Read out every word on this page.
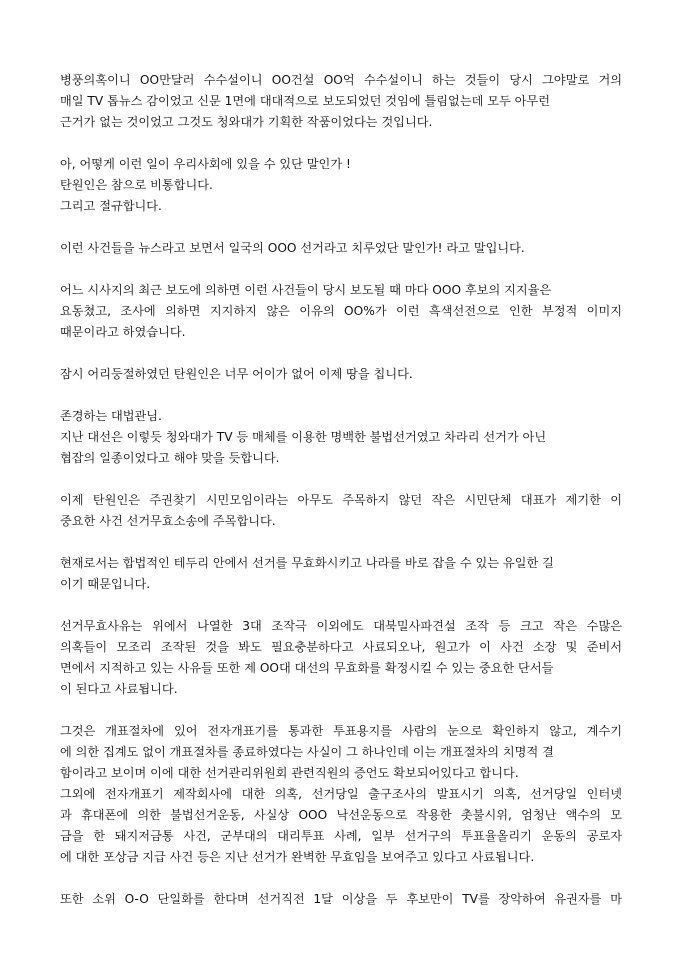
병풍의혹이니 OO만달러 수수설이니 OO건설 OO억 수수설이니 하는 것들이 당시 그야말로 거의
매일 TV 톱뉴스 감이었고 신문 1면에 대대적으로 보도되었던 것임에 틀림없는데 모두 아무런
근거가 없는 것이었고 그것도 청와대가 기획한 작품이었다는 것입니다.
아, 어떻게 이런 일이 우리사회에 있을 수 있단 말인가 !
탄원인은 참으로 비통합니다.
그리고 절규합니다.
이런 사건들을 뉴스라고 보면서 일국의 OOO 선거라고 치루었단 말인가! 라고 말입니다.
어느 시사지의 최근 보도에 의하면 이런 사건들이 당시 보도될 때 마다 OOO 후보의 지지율은
요동쳤고, 조사에 의하면 지지하지 않은 이유의 OO%가 이런 흑색선전으로 인한 부정적 이미지
때문이라고 하였습니다.
잠시 어리둥절하였던 탄원인은 너무 어이가 없어 이제 땅을 칩니다.
존경하는 대법관님.
지난 대선은 이렇듯 청와대가 TV 등 매체를 이용한 명백한 불법선거였고 차라리 선거가 아닌
협잡의 일종이었다고 해야 맞을 듯합니다.
이제 탄원인은 주권찾기 시민모임이라는 아무도 주목하지 않던 작은 시민단체 대표가 제기한 이
중요한 사건 선거무효소송에 주목합니다.
현재로서는 합법적인 테두리 안에서 선거를 무효화시키고 나라를 바로 잡을 수 있는 유일한 길
이기 때문입니다.
선거무효사유는 위에서 나열한 3대 조작극 이외에도 대북밀사파견설 조작 등 크고 작은 수많은
의혹들이 모조리 조작된 것을 봐도 필요충분하다고 사료되오나, 원고가 이 사건 소장 및 준비서
면에서 지적하고 있는 사유들 또한 제 OO대 대선의 무효화를 확정시킬 수 있는 중요한 단서들
이 된다고 사료됩니다.
그것은 개표절차에 있어 전자개표기를 통과한 투표용지를 사람의 눈으로 확인하지 않고, 계수기
에 의한 집계도 없이 개표절차를 종료하였다는 사실이 그 하나인데 이는 개표절차의 치명적 결
함이라고 보이며 이에 대한 선거관리위원회 관련직원의 증언도 확보되어있다고 합니다.
그외에 전자개표기 제작회사에 대한 의혹, 선거당일 출구조사의 발표시기 의혹, 선거당일 인터넷
과 휴대폰에 의한 불법선거운동, 사실상 OOO 낙선운동으로 작용한 촛불시위, 엄청난 액수의 모
금을 한 돼지저금통 사건, 군부대의 대리투표 사례, 일부 선거구의 투표율올리기 운동의 공로자
에 대한 포상금 지급 사건 등은 지난 선거가 완벽한 무효임을 보여주고 있다고 사료됩니다.
또한 소위 O-O 단일화를 한다며 선거직전 1달 이상을 두 후보만이 TV를 장악하여 유권자를 마
